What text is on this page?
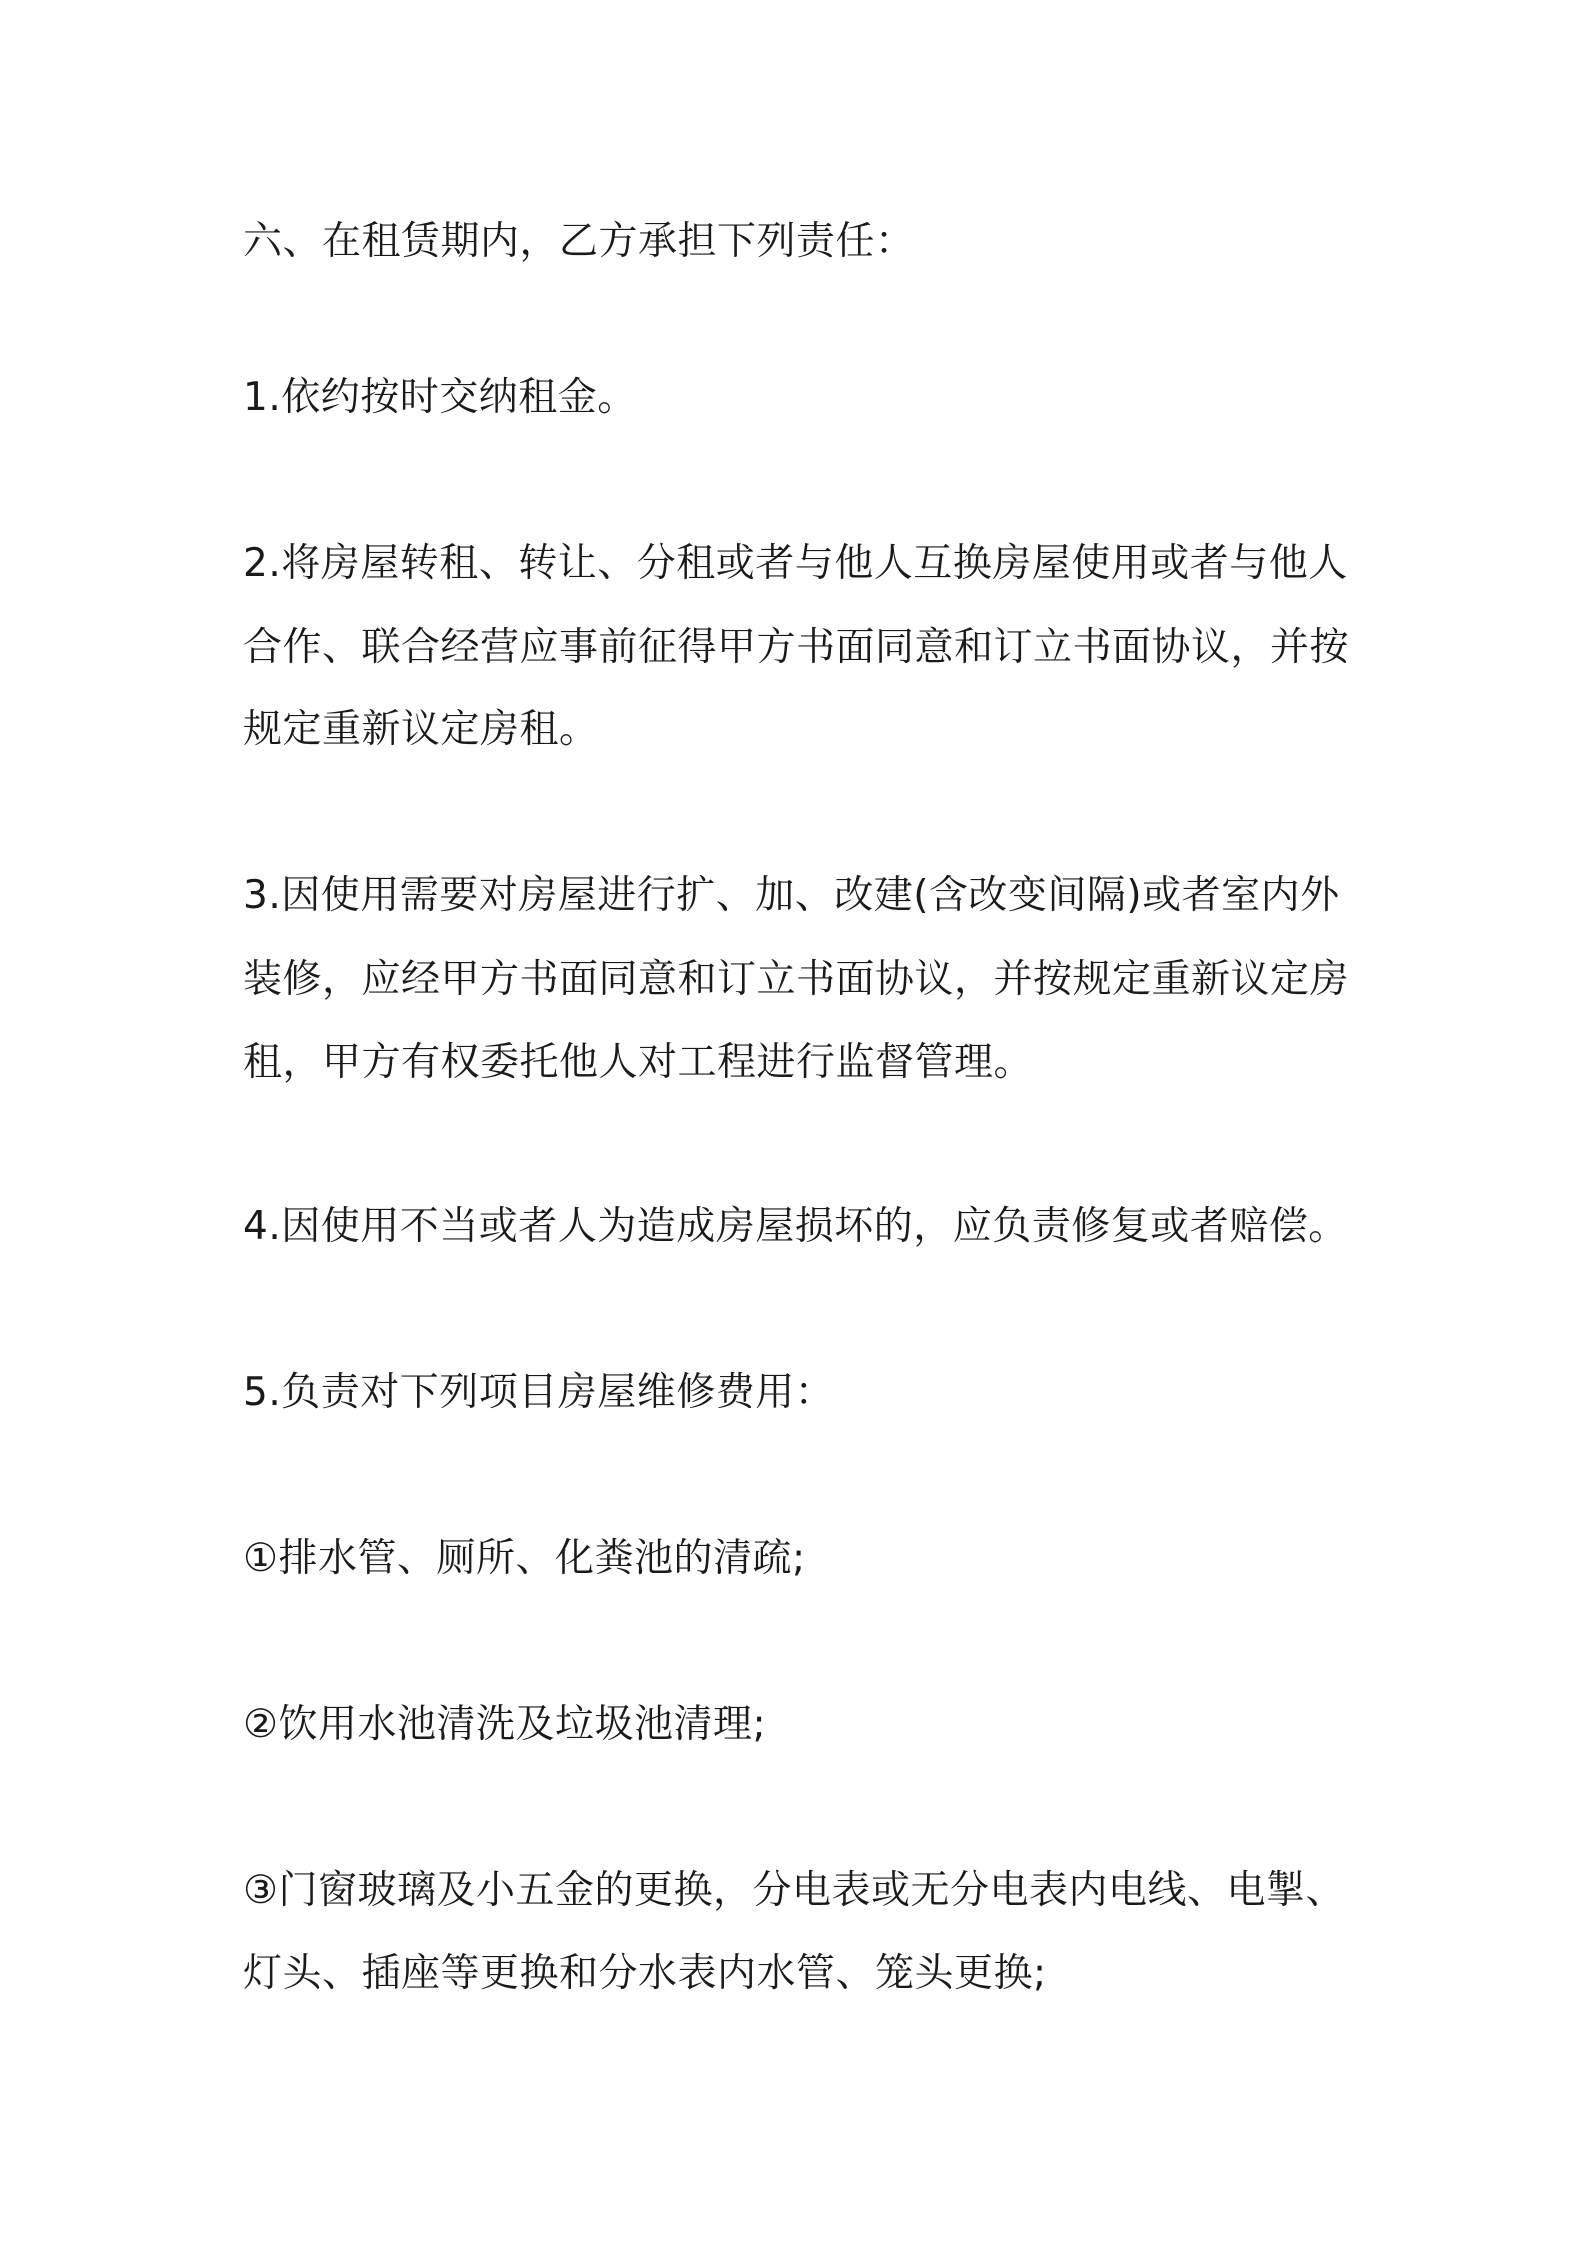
六、在租赁期内，乙方承担下列责任：
1.依约按时交纳租金。
2.将房屋转租、转让、分租或者与他人互换房屋使用或者与他人
合作、联合经营应事前征得甲方书面同意和订立书面协议，并按
规定重新议定房租。
3.因使用需要对房屋进行扩、加、改建(含改变间隔)或者室内外
装修，应经甲方书面同意和订立书面协议，并按规定重新议定房
租，甲方有权委托他人对工程进行监督管理。
4.因使用不当或者人为造成房屋损坏的，应负责修复或者赔偿。
5.负责对下列项目房屋维修费用：
①排水管、厕所、化粪池的清疏;
②饮用水池清洗及垃圾池清理;
③门窗玻璃及小五金的更换，分电表或无分电表内电线、电掣、
灯头、插座等更换和分水表内水管、笼头更换;
